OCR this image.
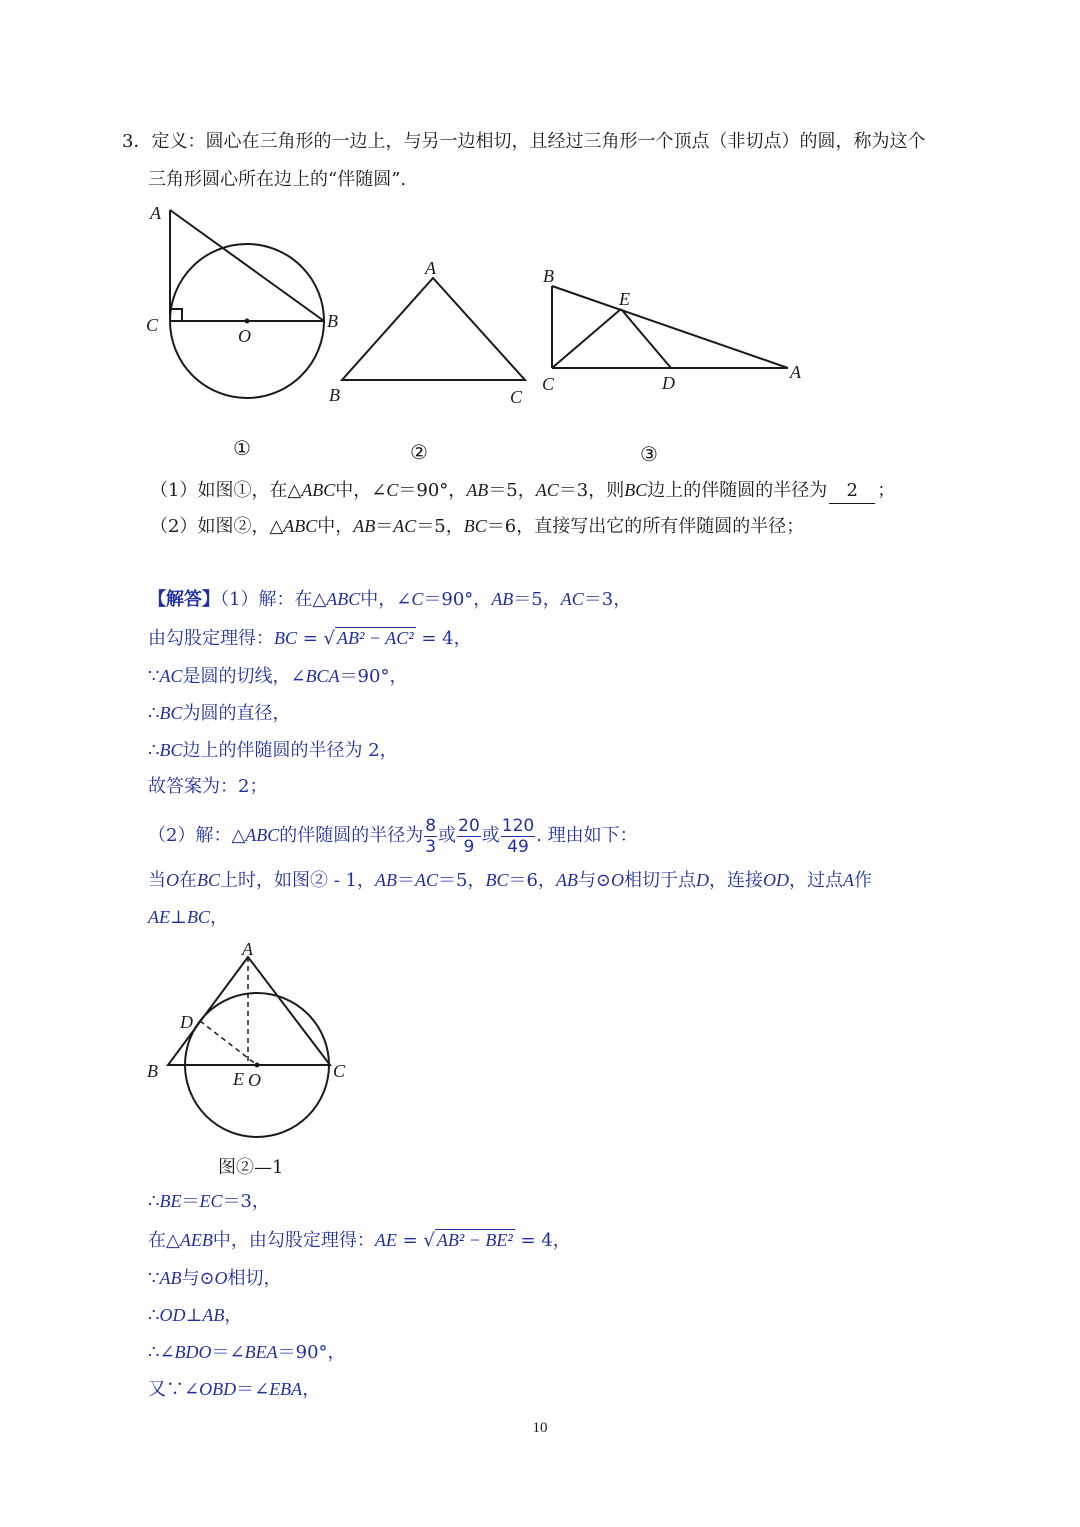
3．定义：圆心在三角形的一边上，与另一边相切，且经过三角形一个顶点（非切点）的圆，称为这个
三角形圆心所在边上的“伴随圆”.
A
C	B
O
A
B	C
B
E
C	D
A
①	②	③
（1）如图①，在△ABC中，∠C＝90°，AB＝5，AC＝3，则BC边上的伴随圆的半径为 2 ；
（2）如图②，△ABC中，AB＝AC＝5，BC＝6，直接写出它的所有伴随圆的半径；
【解答】（1）解：在△ABC中，∠C＝90°，AB＝5，AC＝3，
由勾股定理得：BC = √ AB² − AC² = 4，
∵AC是圆的切线，∠BCA＝90°，
∴BC为圆的直径，
∴BC边上的伴随圆的半径为 2，
故答案为：2；
（2）解：△ABC的伴随圆的半径为 $\frac{8}{3}$ 或 $\frac{20}{9}$ 或 $\frac{120}{49}$ . 理由如下：
当O在BC上时，如图② - 1，AB＝AC＝5，BC＝6，AB与⊙O相切于点D，连接OD，过点A作
AE⊥BC，
A
D
B	C
E O
图②—1
∴BE＝EC＝3，
在△AEB中，由勾股定理得：AE = √ AB² − BE² = 4，
∵AB与⊙O相切，
∴OD⊥AB，
∴∠BDO＝∠BEA＝90°，
又∵∠OBD＝∠EBA，
10
